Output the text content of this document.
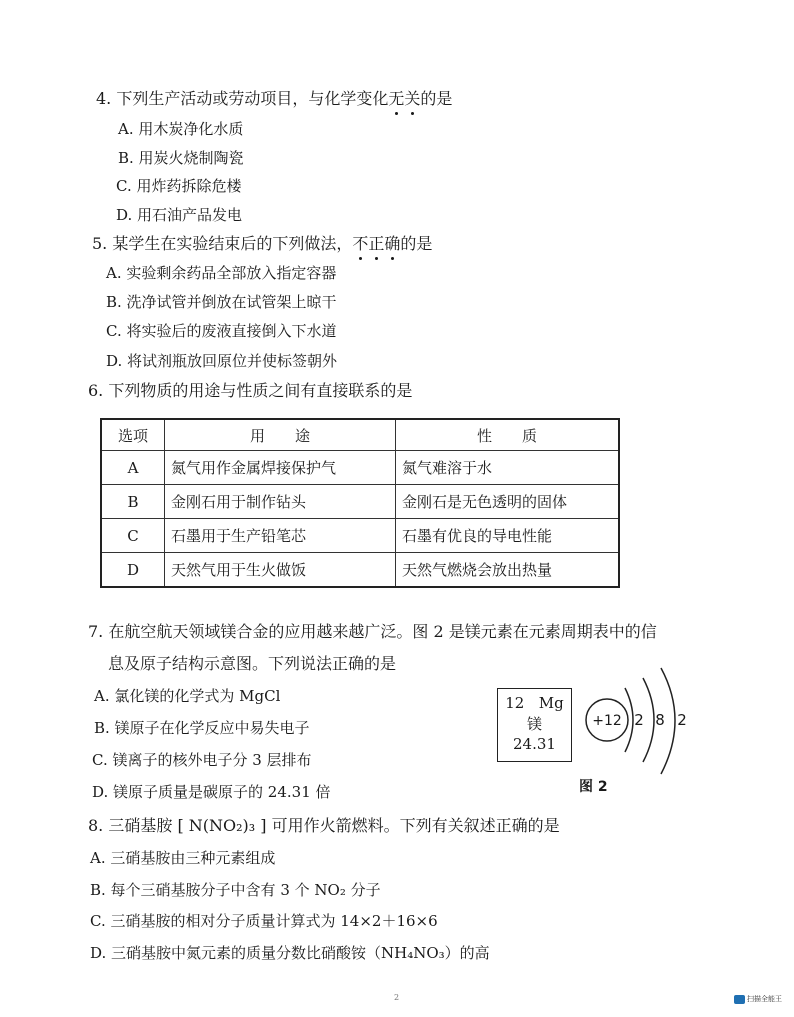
4. 下列生产活动或劳动项目，与化学变化无关的是
A. 用木炭净化水质
B. 用炭火烧制陶瓷
C. 用炸药拆除危楼
D. 用石油产品发电
5. 某学生在实验结束后的下列做法，不正确的是
A. 实验剩余药品全部放入指定容器
B. 洗净试管并倒放在试管架上晾干
C. 将实验后的废液直接倒入下水道
D. 将试剂瓶放回原位并使标签朝外
6. 下列物质的用途与性质之间有直接联系的是
选项	用　　途	性　　质
A	氮气用作金属焊接保护气	氮气难溶于水
B	金刚石用于制作钻头	金刚石是无色透明的固体
C	石墨用于生产铅笔芯	石墨有优良的导电性能
D	天然气用于生火做饭	天然气燃烧会放出热量
7. 在航空航天领域镁合金的应用越来越广泛。图 2 是镁元素在元素周期表中的信
息及原子结构示意图。下列说法正确的是
A. 氯化镁的化学式为 MgCl
B. 镁原子在化学反应中易失电子
C. 镁离子的核外电子分 3 层排布
D. 镁原子质量是碳原子的 24.31 倍
12 Mg
镁
24.31
+12 2 8 2
图 2
8. 三硝基胺 [ N(NO₂)₃ ] 可用作火箭燃料。下列有关叙述正确的是
A. 三硝基胺由三种元素组成
B. 每个三硝基胺分子中含有 3 个 NO₂ 分子
C. 三硝基胺的相对分子质量计算式为 14×2＋16×6
D. 三硝基胺中氮元素的质量分数比硝酸铵（NH₄NO₃）的高
2	扫描全能王
